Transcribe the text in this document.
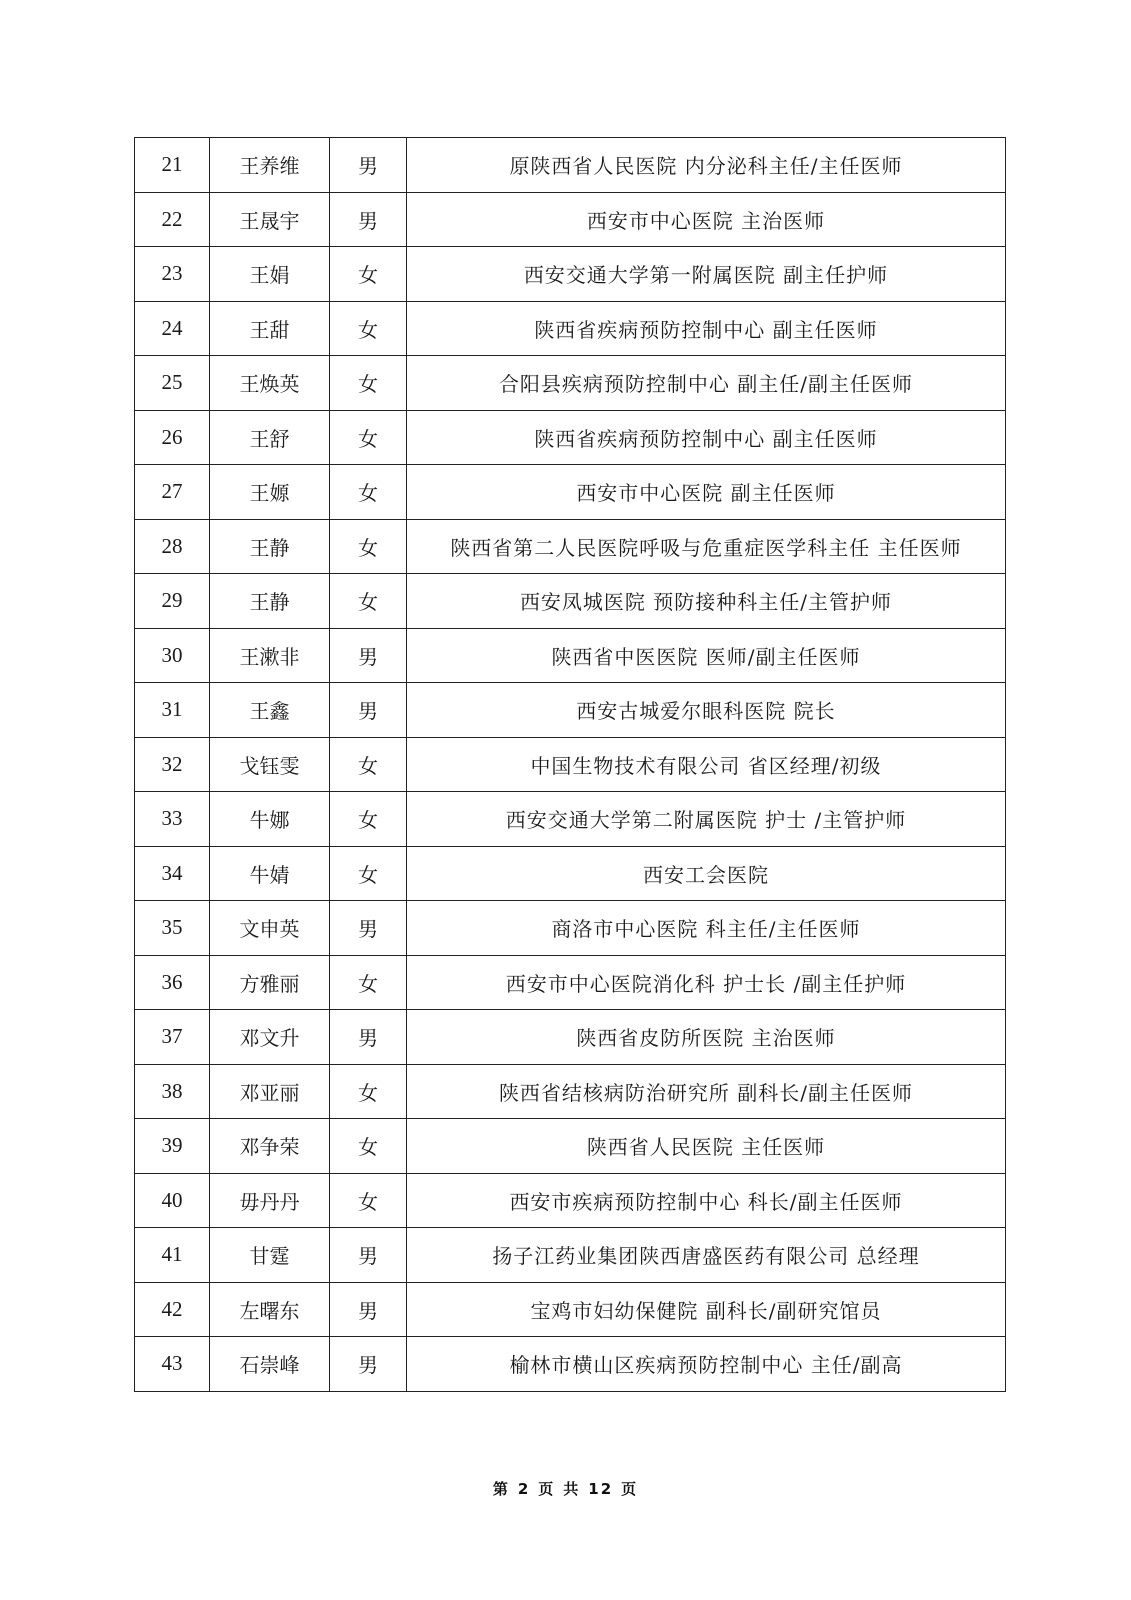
21	王养维	男	原陕西省人民医院 内分泌科主任/主任医师
22	王晟宇	男	西安市中心医院 主治医师
23	王娟	女	西安交通大学第一附属医院 副主任护师
24	王甜	女	陕西省疾病预防控制中心 副主任医师
25	王焕英	女	合阳县疾病预防控制中心 副主任/副主任医师
26	王舒	女	陕西省疾病预防控制中心 副主任医师
27	王嫄	女	西安市中心医院 副主任医师
28	王静	女	陕西省第二人民医院呼吸与危重症医学科主任 主任医师
29	王静	女	西安凤城医院 预防接种科主任/主管护师
30	王漱非	男	陕西省中医医院 医师/副主任医师
31	王鑫	男	西安古城爱尔眼科医院 院长
32	戈钰雯	女	中国生物技术有限公司 省区经理/初级
33	牛娜	女	西安交通大学第二附属医院 护士 /主管护师
34	牛婧	女	西安工会医院
35	文申英	男	商洛市中心医院 科主任/主任医师
36	方雅丽	女	西安市中心医院消化科 护士长 /副主任护师
37	邓文升	男	陕西省皮防所医院 主治医师
38	邓亚丽	女	陕西省结核病防治研究所 副科长/副主任医师
39	邓争荣	女	陕西省人民医院 主任医师
40	毋丹丹	女	西安市疾病预防控制中心 科长/副主任医师
41	甘霆	男	扬子江药业集团陕西唐盛医药有限公司 总经理
42	左曙东	男	宝鸡市妇幼保健院 副科长/副研究馆员
43	石崇峰	男	榆林市横山区疾病预防控制中心 主任/副高
第 2 页 共 12 页
